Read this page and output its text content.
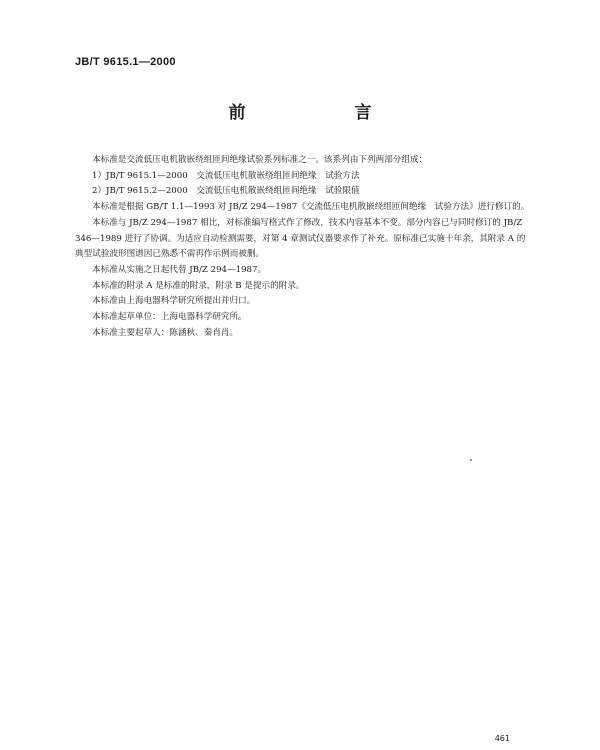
JB/T 9615.1—2000
前　言

本标准是交流低压电机散嵌绕组匝间绝缘试验系列标准之一。该系列由下列两部分组成：

1）JB/T 9615.1—2000　交流低压电机散嵌绕组匝间绝缘　试验方法

2）JB/T 9615.2—2000　交流低压电机散嵌绕组匝间绝缘　试验限值

本标准是根据 GB/T 1.1—1993 对 JB/Z 294—1987《交流低压电机散嵌绕组匝间绝缘　试验方法》进行修订的。

本标准与 JB/Z 294—1987 相比，对标准编写格式作了修改，技术内容基本不变。部分内容已与同时修订的 JB/Z 346—1989 进行了协调。为适应自动检测需要，对第 4 章测试仪器要求作了补充。原标准已实施十年余，其附录 A 的典型试验波形图谱因已熟悉不需再作示例而被删。

本标准从实施之日起代替 JB/Z 294—1987。

本标准的附录 A 是标准的附录，附录 B 是提示的附录。

本标准由上海电器科学研究所提出并归口。

本标准起草单位：上海电器科学研究所。

本标准主要起草人：陈涵秋、秦肖肖。

461
